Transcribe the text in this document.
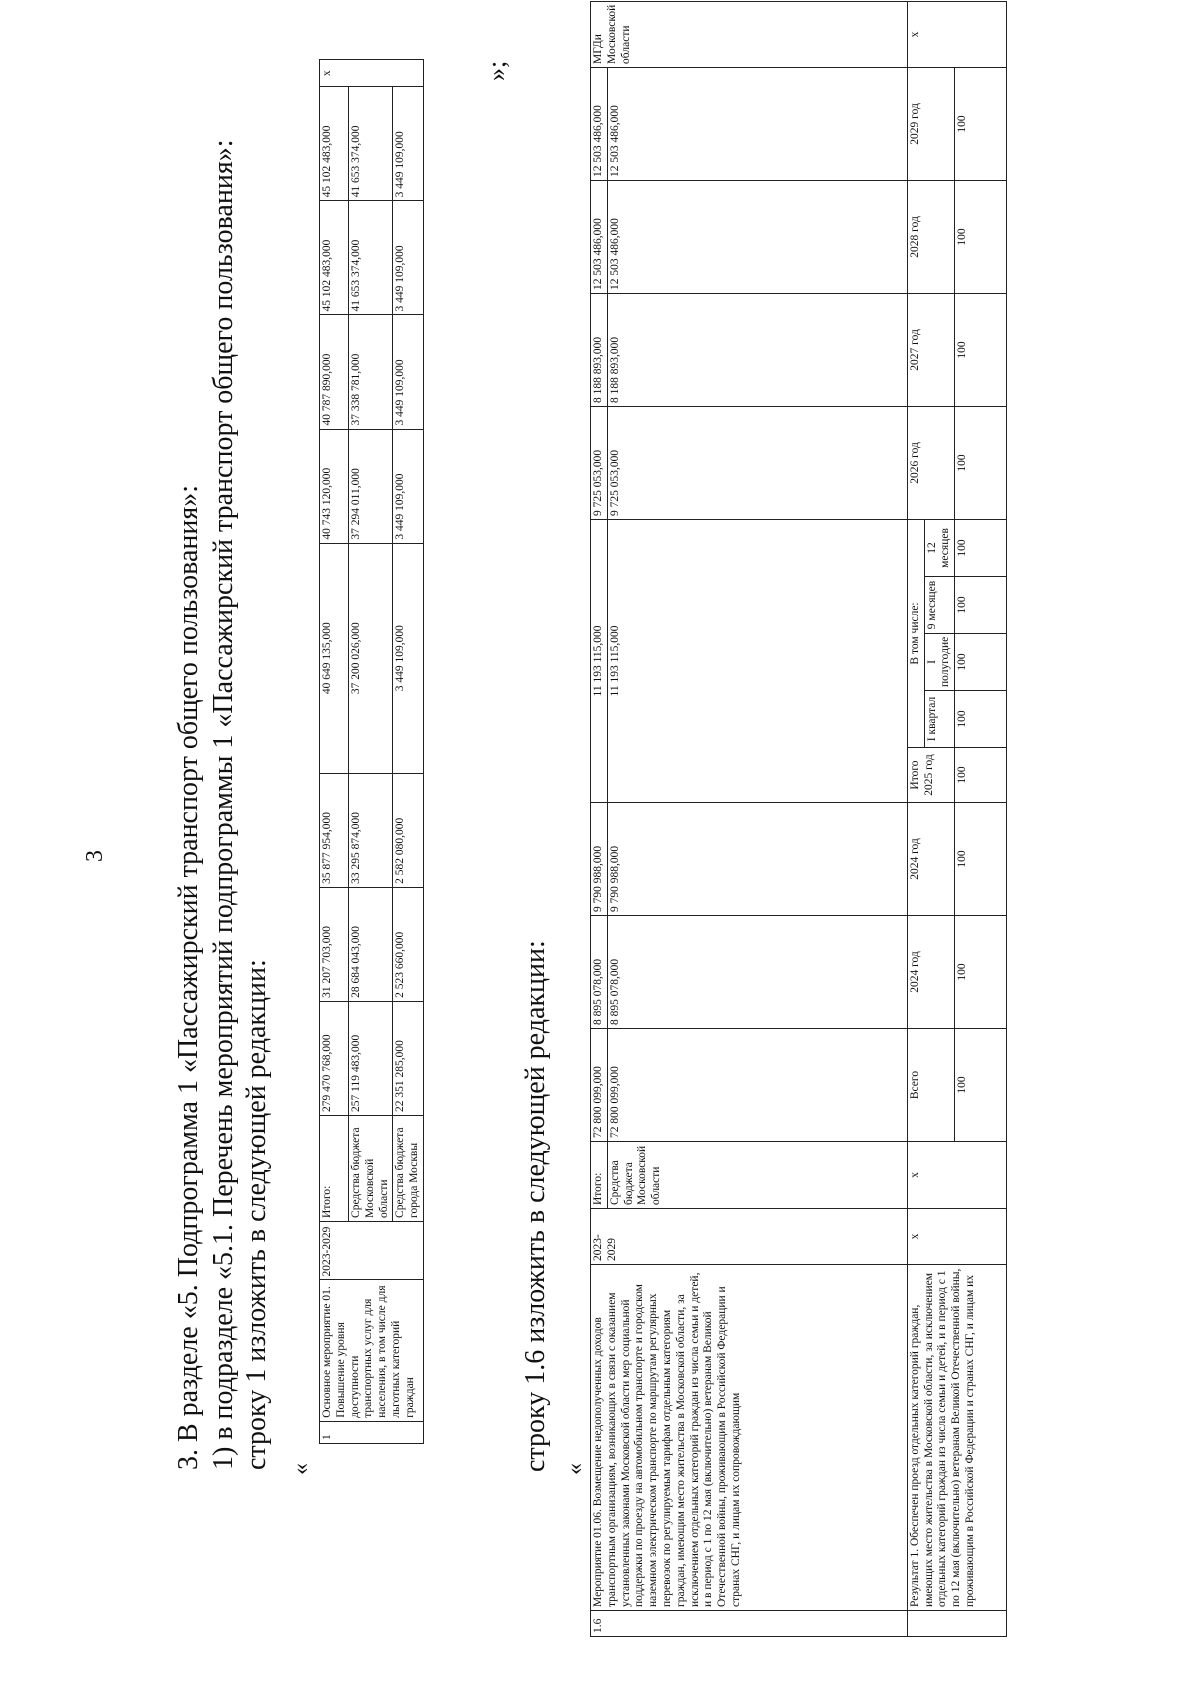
3 3. В разделе «5. Подпрограмма 1 «Пассажирский транспорт общего пользования»: 1) в подразделе «5.1. Перечень мероприятий подпрограммы 1 «Пассажирский транспорт общего пользования»: строку 1 изложить в следующей редакции: «
1	Основное мероприятие 01. Повышение уровня доступности транспортных услуг для населения, в том числе для льготных категорий граждан	2023-2029	Итого:	279 470 768,000	31 207 703,000	35 877 954,000	40 649 135,000	40 743 120,000	40 787 890,000	45 102 483,000	45 102 483,000	x
			Средства бюджета Московской области	257 119 483,000	28 684 043,000	33 295 874,000	37 200 026,000	37 294 011,000	37 338 781,000	41 653 374,000	41 653 374,000	
			Средства бюджета города Москвы	22 351 285,000	2 523 660,000	2 582 080,000	3 449 109,000	3 449 109,000	3 449 109,000	3 449 109,000	3 449 109,000	
»;
строку 1.6 изложить в следующей редакции: «
1.6	Мероприятие 01.06. Возмещение недополученных доходов транспортным организациям, возникающих в связи с оказанием установленных законами Московской области мер социальной поддержки по проезду на автомобильном транспорте и городском наземном электрическом транспорте по маршрутам регулярных перевозок по регулируемым тарифам отдельным категориям граждан, имеющим место жительства в Московской области, за исключением отдельных категорий граждан из числа семьи и детей, и в период с 1 по 12 мая (включительно) ветеранам Великой Отечественной войны, проживающим в Российской Федерации и странах СНГ, и лицам их сопровождающим	2023-2029	Итого:	72 800 099,000	8 895 078,000	9 790 988,000	11 193 115,000					9 725 053,000	8 188 893,000	12 503 486,000	12 503 486,000	МГДи Московской области
			Средства бюджета Московской области	72 800 099,000	8 895 078,000	9 790 988,000	11 193 115,000					9 725 053,000	8 188 893,000	12 503 486,000	12 503 486,000	
	Результат 1. Обеспечен проезд отдельных категорий граждан, имеющих место жительства в Московской области, за исключением отдельных категорий граждан из числа семьи и детей, и в период с 1 по 12 мая (включительно) ветеранам Великой Отечественной войны, проживающим в Российской Федерации и странах СНГ, и лицам их	x	x	Всего	2024 год	2024 год	Итого 2025 год	В том числе:				2026 год	2027 год	2028 год	2029 год	x
								I квартал	I полугодие	9 месяцев	12 месяцев					

				100	100	100	100	100	100	100	100	100	100	100	100	
